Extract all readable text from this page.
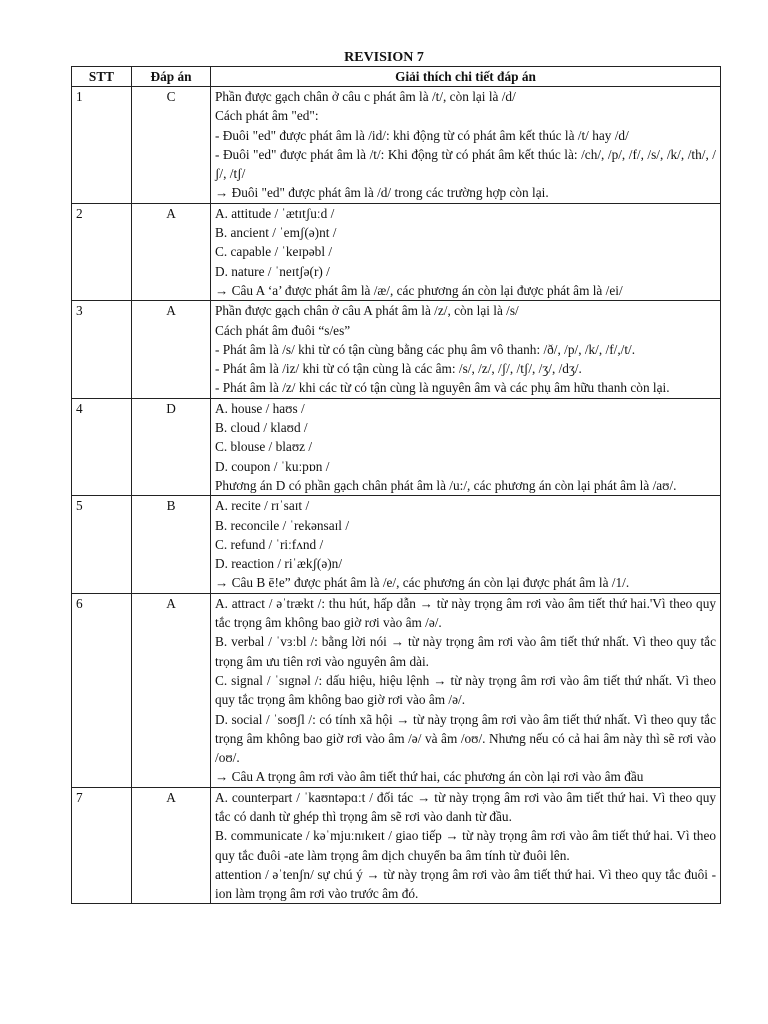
REVISION 7
STT	Đáp án	Giải thích chi tiết đáp án
1	C	Phần được gạch chân ở câu c phát âm là /t/, còn lại là /d/
Cách phát âm "ed":
- Đuôi "ed" được phát âm là /id/: khi động từ có phát âm kết thúc là /t/ hay /d/
- Đuôi "ed" được phát âm là /t/: Khi động từ có phát âm kết thúc là: /ch/, /p/, /f/, /s/, /k/, /th/, /ʃ/, /tʃ/
→ Đuôi "ed" được phát âm là /d/ trong các trường hợp còn lại.

2	A	A. attitude / ˈætɪtʃuːd /
B. ancient / ˈemʃ(ə)nt /
C. capable / ˈkeɪpəbl /
D. nature / ˈneɪtʃə(r) /
→ Câu A ‘a’ được phát âm là /æ/, các phương án còn lại được phát âm là /ei/

3	A	Phần được gạch chân ở câu A phát âm là /z/, còn lại là /s/
Cách phát âm đuôi “s/es”
- Phát âm là /s/ khi từ có tận cùng bằng các phụ âm vô thanh: /ð/, /p/, /k/, /f/,/t/.
- Phát âm là /iz/ khi từ có tận cùng là các âm: /s/, /z/, /ʃ/, /tʃ/, /ʒ/, /dʒ/.
- Phát âm là /z/ khi các từ có tận cùng là nguyên âm và các phụ âm hữu thanh còn lại.

4	D	A. house / haʊs /
B. cloud / klaʊd /
C. blouse / blaʊz /
D. coupon / ˈkuːpɒn /
Phương án D có phần gạch chân phát âm là /u:/, các phương án còn lại phát âm là /aʊ/.

5	B	A. recite / rɪˈsaɪt /
B. reconcile / ˈrekənsaɪl /
C. refund / ˈriːfʌnd /
D. reaction / riˈækʃ(ə)n/
→ Câu B ē!e” được phát âm là /e/, các phương án còn lại được phát âm là /1/.

6	A	A. attract / əˈtrækt /: thu hút, hấp dẫn → từ này trọng âm rơi vào âm tiết thứ hai.'Vì theo quy tắc trọng âm không bao giờ rơi vào âm /ə/.
B. verbal / ˈvɜːbl /: bằng lời nói → từ này trọng âm rơi vào âm tiết thứ nhất. Vì theo quy tắc trọng âm ưu tiên rơi vào nguyên âm dài.
C. signal / ˈsɪgnəl /: dấu hiệu, hiệu lệnh → từ này trọng âm rơi vào âm tiết thứ nhất. Vì theo quy tắc trọng âm không bao giờ rơi vào âm /ə/.
D. social / ˈsoʊʃl /: có tính xã hội → từ này trọng âm rơi vào âm tiết thứ nhất. Vì theo quy tắc trọng âm không bao giờ rơi vào âm /ə/ và âm /oʊ/. Nhưng nếu có cả hai âm này thì sẽ rơi vào /oʊ/.
→ Câu A trọng âm rơi vào âm tiết thứ hai, các phương án còn lại rơi vào âm đầu

7	A	A. counterpart / ˈkaʊntəpɑːt / đối tác → từ này trọng âm rơi vào âm tiết thứ hai. Vì theo quy tắc có danh từ ghép thì trọng âm sẽ rơi vào danh từ đầu.
B. communicate / kəˈmjuːnɪkeɪt / giao tiếp → từ này trọng âm rơi vào âm tiết thứ hai. Vì theo quy tắc đuôi -ate làm trọng âm dịch chuyển ba âm tính từ đuôi lên.
attention / əˈtenʃn/ sự chú ý → từ này trọng âm rơi vào âm tiết thứ hai. Vì theo quy tắc đuôi -ion làm trọng âm rơi vào trước âm đó.
